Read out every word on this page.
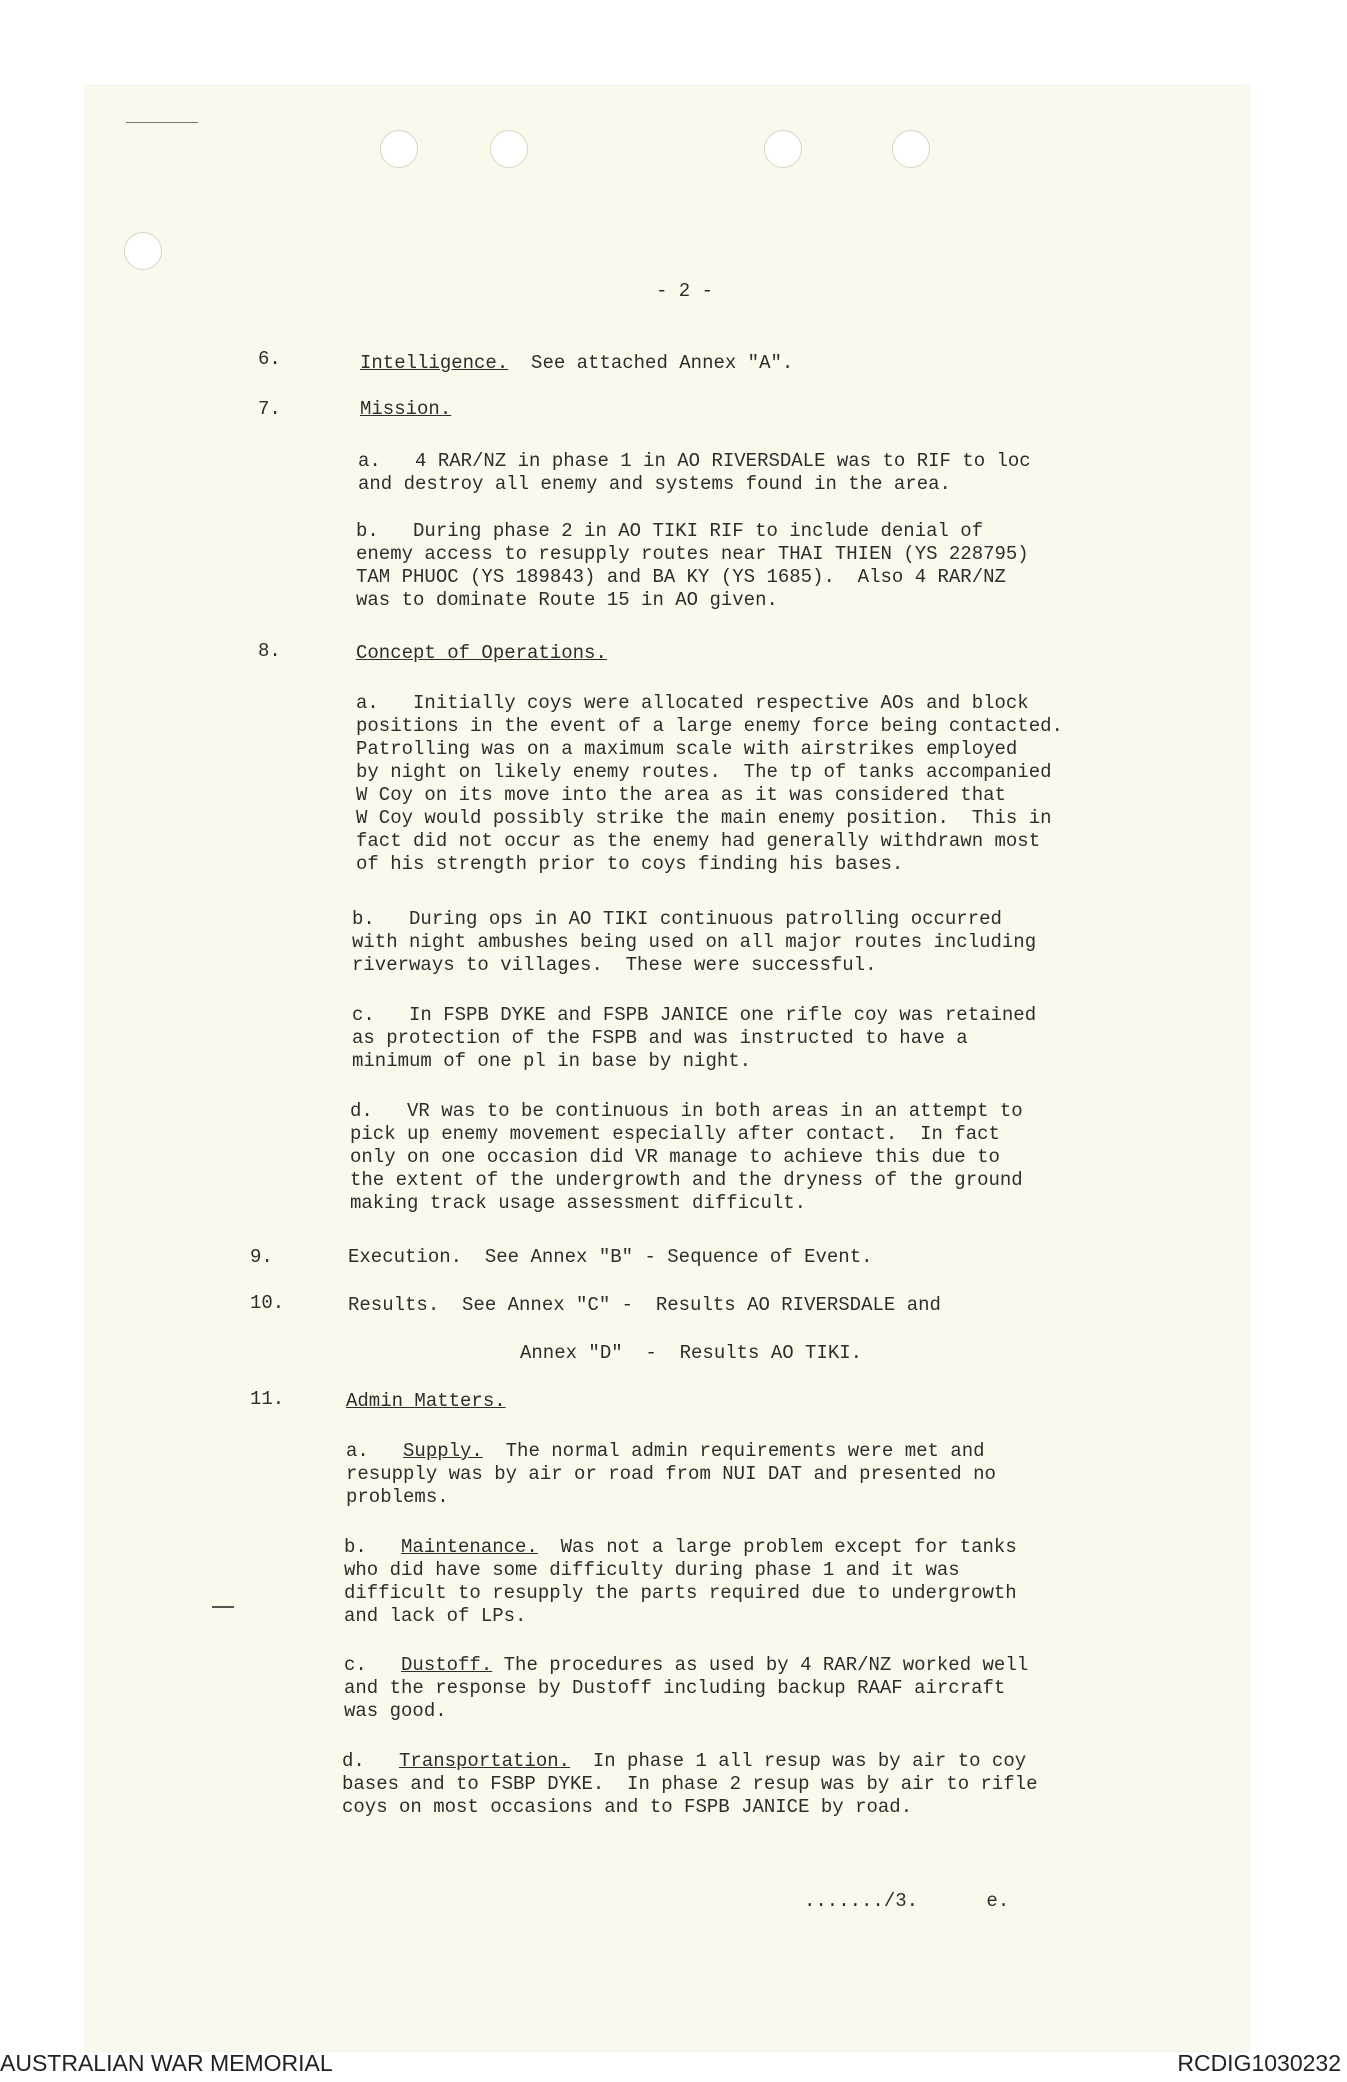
- 2 -
6.	Intelligence.  See attached Annex "A".
7.	Mission.
a.   4 RAR/NZ in phase 1 in AO RIVERSDALE was to RIF to loc
and destroy all enemy and systems found in the area.
b.   During phase 2 in AO TIKI RIF to include denial of
enemy access to resupply routes near THAI THIEN (YS 228795)
TAM PHUOC (YS 189843) and BA KY (YS 1685).  Also 4 RAR/NZ
was to dominate Route 15 in AO given.
8.	Concept of Operations.
a.   Initially coys were allocated respective AOs and block
positions in the event of a large enemy force being contacted.
Patrolling was on a maximum scale with airstrikes employed
by night on likely enemy routes.  The tp of tanks accompanied
W Coy on its move into the area as it was considered that
W Coy would possibly strike the main enemy position.  This in
fact did not occur as the enemy had generally withdrawn most
of his strength prior to coys finding his bases.
b.   During ops in AO TIKI continuous patrolling occurred
with night ambushes being used on all major routes including
riverways to villages.  These were successful.
c.   In FSPB DYKE and FSPB JANICE one rifle coy was retained
as protection of the FSPB and was instructed to have a
minimum of one pl in base by night.
d.   VR was to be continuous in both areas in an attempt to
pick up enemy movement especially after contact.  In fact
only on one occasion did VR manage to achieve this due to
the extent of the undergrowth and the dryness of the ground
making track usage assessment difficult.
9.	Execution.  See Annex "B" - Sequence of Event.
10.	Results.  See Annex "C" -  Results AO RIVERSDALE and
Annex "D"  -  Results AO TIKI.
11.	Admin Matters.
a.   Supply.  The normal admin requirements were met and
resupply was by air or road from NUI DAT and presented no
problems.
b.   Maintenance.  Was not a large problem except for tanks
who did have some difficulty during phase 1 and it was
difficult to resupply the parts required due to undergrowth
and lack of LPs.
c.   Dustoff. The procedures as used by 4 RAR/NZ worked well
and the response by Dustoff including backup RAAF aircraft
was good.
d.   Transportation.  In phase 1 all resup was by air to coy
bases and to FSBP DYKE.  In phase 2 resup was by air to rifle
coys on most occasions and to FSPB JANICE by road.
......./3.      e.
AUSTRALIAN WAR MEMORIAL	RCDIG1030232
